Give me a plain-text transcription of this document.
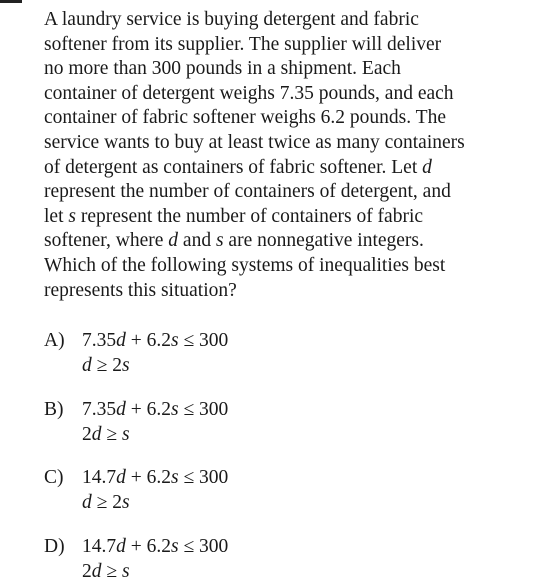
A laundry service is buying detergent and fabric
softener from its supplier. The supplier will deliver
no more than 300 pounds in a shipment. Each
container of detergent weighs 7.35 pounds, and each
container of fabric softener weighs 6.2 pounds. The
service wants to buy at least twice as many containers
of detergent as containers of fabric softener. Let d
represent the number of containers of detergent, and
let s represent the number of containers of fabric
softener, where d and s are nonnegative integers.
Which of the following systems of inequalities best
represents this situation?
A) 7.35d + 6.2s ≤ 300
d ≥ 2s
B) 7.35d + 6.2s ≤ 300
2d ≥ s
C) 14.7d + 6.2s ≤ 300
d ≥ 2s
D) 14.7d + 6.2s ≤ 300
2d ≥ s
